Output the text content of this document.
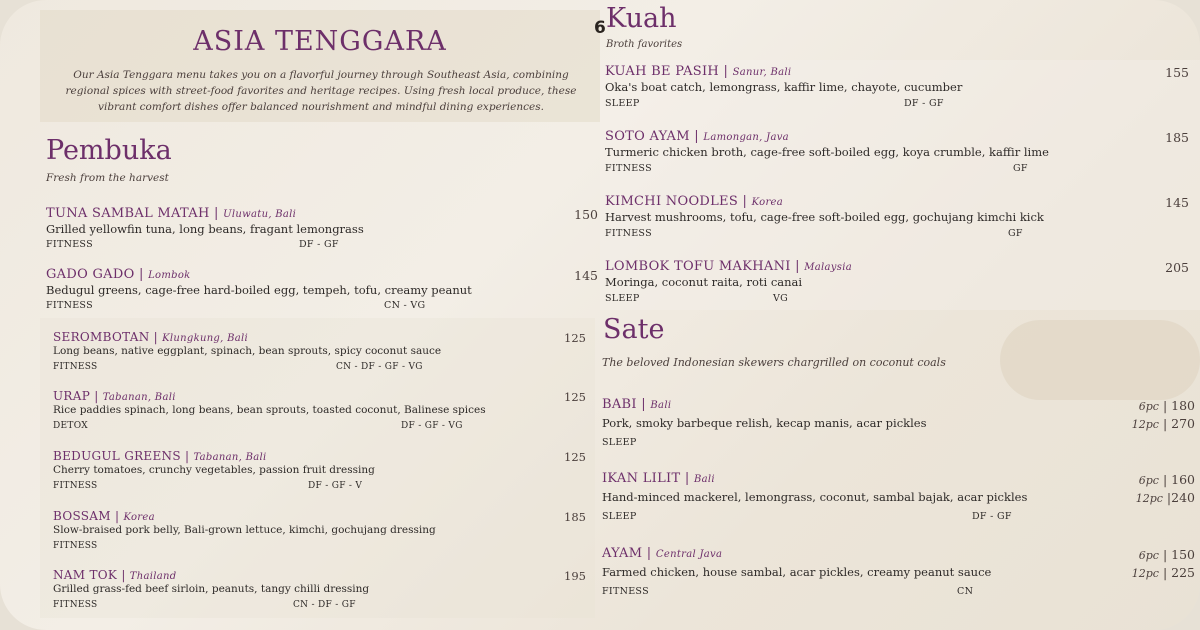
ASIA TENGGARA
Our Asia Tenggara menu takes you on a flavorful journey through Southeast Asia, combining regional spices with street-food favorites and heritage recipes. Using fresh local produce, these vibrant comfort dishes offer balanced nourishment and mindful dining experiences.
6
Pembuka
Fresh from the harvest
TUNA SAMBAL MATAH | Uluwatu, Bali
Grilled yellowfin tuna, long beans, fragant lemongrass
FITNESS	DF - GF
150
GADO GADO | Lombok
Bedugul greens, cage-free hard-boiled egg, tempeh, tofu, creamy peanut
FITNESS	CN - VG
145
SEROMBOTAN | Klungkung, Bali
Long beans, native eggplant, spinach, bean sprouts, spicy coconut sauce
FITNESS	CN - DF - GF - VG
125
URAP | Tabanan, Bali
Rice paddies spinach, long beans, bean sprouts, toasted coconut, Balinese spices
DETOX	DF - GF - VG
125
BEDUGUL GREENS | Tabanan, Bali
Cherry tomatoes, crunchy vegetables, passion fruit dressing
FITNESS	DF - GF - V
125
BOSSAM | Korea
Slow-braised pork belly, Bali-grown lettuce, kimchi, gochujang dressing
FITNESS
185
NAM TOK | Thailand
Grilled grass-fed beef sirloin, peanuts, tangy chilli dressing
FITNESS	CN - DF - GF
195
Kuah
Broth favorites
KUAH BE PASIH | Sanur, Bali
Oka's boat catch, lemongrass, kaffir lime, chayote, cucumber
SLEEP	DF - GF
155
SOTO AYAM | Lamongan, Java
Turmeric chicken broth, cage-free soft-boiled egg, koya crumble, kaffir lime
FITNESS	GF
185
KIMCHI NOODLES | Korea
Harvest mushrooms, tofu, cage-free soft-boiled egg, gochujang kimchi kick
FITNESS	GF
145
LOMBOK TOFU MAKHANI | Malaysia
Moringa, coconut raita, roti canai
SLEEP	VG
205
Sate
The beloved Indonesian skewers chargrilled on coconut coals
BABI | Bali
Pork, smoky barbeque relish, kecap manis, acar pickles
SLEEP
6pc | 180
12pc | 270
IKAN LILIT | Bali
Hand-minced mackerel, lemongrass, coconut, sambal bajak, acar pickles
SLEEP	DF - GF
6pc | 160
12pc |240
AYAM | Central Java
Farmed chicken, house sambal, acar pickles, creamy peanut sauce
FITNESS	CN
6pc | 150
12pc | 225
